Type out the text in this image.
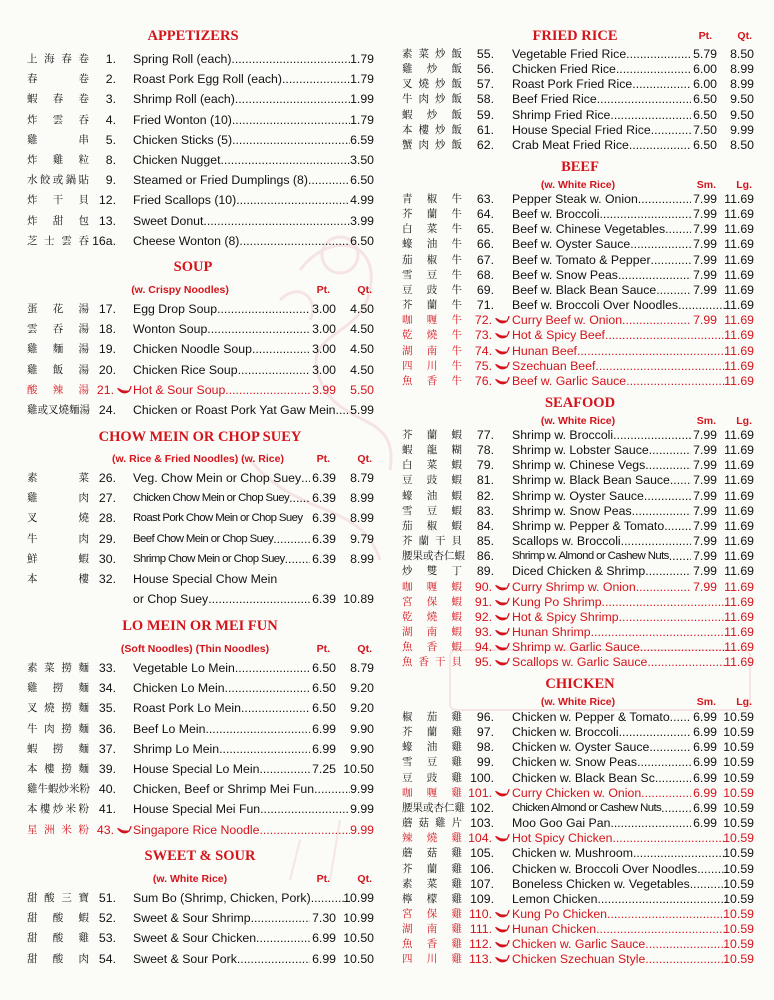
APPETIZERS
上 海 春 卷	1. Spring Roll (each) .....	1.79
春	卷	2. Roast Pork Egg Roll (each) .....	1.79
蝦 春 卷	3. Shrimp Roll (each) .....	1.99
炸 雲 吞	4. Fried Wonton (10) .....	1.79
雞	串	5. Chicken Sticks (5) .....	6.59
炸 雞 粒	8. Chicken Nugget .....	3.50
水 餃 或 鍋 貼	9. Steamed or Fried Dumplings (8) .....	6.50
炸 干 貝 12. Fried Scallops (10) .....	4.99
炸 甜 包 13. Sweet Donut .....	3.99
芝 士 雲 吞 16a. Cheese Wonton (8) .....	6.50
SOUP
(w. Crispy Noodles)	Pt.	Qt.
蛋 花 湯 17. Egg Drop Soup .....	3.00	4.50
雲 吞 湯 18. Wonton Soup .....	3.00	4.50
雞 麵 湯 19. Chicken Noodle Soup .....	3.00	4.50
雞 飯 湯 20. Chicken Rice Soup .....	3.00	4.50
酸 辣 湯 21. Hot & Sour Soup .....	3.99	5.50
雞 或 叉 燒 麵 湯 24. Chicken or Roast Pork Yat Gaw Mein .....	5.99
CHOW MEIN OR CHOP SUEY
(w. Rice & Fried Noodles) (w. Rice)	Pt.	Qt.
素	菜 26. Veg. Chow Mein or Chop Suey ..... 6.39	8.79
雞	肉 27. Chicken Chow Mein or Chop Suey .....	6.39	8.99
叉	燒 28. Roast Pork Chow Mein or Chop Suey 6.39	8.99
牛	肉 29. Beef Chow Mein or Chop Suey .....	6.39	9.79
鮮	蝦 30. Shrimp Chow Mein or Chop Suey .....	6.39	8.99
本	樓 32. House Special Chow Mein
or Chop Suey .....	6.39 10.89
LO MEIN OR MEI FUN
(Soft Noodles) (Thin Noodles)	Pt.	Qt.
素 菜 撈 麵 33. Vegetable Lo Mein .....	6.50	8.79
雞 撈 麵 34. Chicken Lo Mein .....	6.50	9.20
叉 燒 撈 麵 35. Roast Pork Lo Mein .....	6.50	9.20
牛 肉 撈 麵 36. Beef Lo Mein .....	6.99	9.90
蝦 撈 麵 37. Shrimp Lo Mein .....	6.99	9.90
本 樓 撈 麵 39. House Special Lo Mein .....	7.25 10.50
雞 牛 蝦 炒 米 粉 40. Chicken, Beef or Shrimp Mei Fun .....	9.99
本 樓 炒 米 粉 41. House Special Mei Fun .....	9.99
星 洲 米 粉 43. Singapore Rice Noodle .....	9.99
SWEET & SOUR
(w. White Rice)	Pt.	Qt.
甜 酸 三 寶 51. Sum Bo (Shrimp, Chicken, Pork) .....	10.99
甜 酸 蝦 52. Sweet & Sour Shrimp .....	7.30 10.99
甜 酸 雞 53. Sweet & Sour Chicken .....	6.99 10.50
甜 酸 肉 54. Sweet & Sour Pork .....	6.99 10.50
FRIED RICE	Pt.	Qt.
素 菜 炒 飯	55. Vegetable Fried Rice .....	5.79	8.50
雞 炒 飯	56. Chicken Fried Rice .....	6.00	8.99
叉 燒 炒 飯	57. Roast Pork Fried Rice .....	6.00	8.99
牛 肉 炒 飯	58. Beef Fried Rice .....	6.50	9.50
蝦 炒 飯	59. Shrimp Fried Rice .....	6.50	9.50
本 樓 炒 飯	61. House Special Fried Rice .....	7.50	9.99
蟹 肉 炒 飯	62. Crab Meat Fried Rice .....	6.50	8.50
BEEF
(w. White Rice)	Sm.	Lg.
青 椒 牛	63. Pepper Steak w. Onion .....	7.99 11.69
芥 蘭 牛	64. Beef w. Broccoli .....	7.99 11.69
白 菜 牛	65. Beef w. Chinese Vegetables .....	7.99 11.69
蠔 油 牛	66. Beef w. Oyster Sauce .....	7.99 11.69
茄 椒 牛	67. Beef w. Tomato & Pepper .....	7.99 11.69
雪 豆 牛	68. Beef w. Snow Peas .....	7.99 11.69
豆 豉 牛	69. Beef w. Black Bean Sauce .....	7.99 11.69
芥 蘭 牛	71. Beef w. Broccoli Over Noodles .....	11.69
咖 喱 牛	72. Curry Beef w. Onion .....	7.99 11.69
乾 燒 牛	73. Hot & Spicy Beef .....	11.69
湖 南 牛	74. Hunan Beef .....	11.69
四 川 牛	75. Szechuan Beef .....	11.69
魚 香 牛	76. Beef w. Garlic Sauce .....	11.69
SEAFOOD
(w. White Rice)	Sm.	Lg.
芥 蘭 蝦	77. Shrimp w. Broccoli .....	7.99 11.69
蝦 龍 糊	78. Shrimp w. Lobster Sauce .....	7.99 11.69
白 菜 蝦	79. Shrimp w. Chinese Vegs .....	7.99 11.69
豆 豉 蝦	81. Shrimp w. Black Bean Sauce .....	7.99 11.69
蠔 油 蝦	82. Shrimp w. Oyster Sauce .....	7.99 11.69
雪 豆 蝦	83. Shrimp w. Snow Peas .....	7.99 11.69
茄 椒 蝦	84. Shrimp w. Pepper & Tomato .....	7.99 11.69
芥 蘭 干 貝	85. Scallops w. Broccoli .....	7.99 11.69
腰 果 或 杏 仁 蝦 86. Shrimp w. Almond or Cashew Nuts .....	7.99 11.69
炒 雙 丁	89. Diced Chicken & Shrimp .....	7.99 11.69
咖 喱 蝦	90. Curry Shrimp w. Onion .....	7.99 11.69
宮 保 蝦	91. Kung Po Shrimp .....	11.69
乾 燒 蝦	92. Hot & Spicy Shrimp .....	11.69
湖 南 蝦	93. Hunan Shrimp .....	11.69
魚 香 蝦	94. Shrimp w. Garlic Sauce .....	11.69
魚 香 干 貝	95. Scallops w. Garlic Sauce .....	11.69
CHICKEN
(w. White Rice)	Sm.	Lg.
椒 茄 雞	96. Chicken w. Pepper & Tomato .....	6.99 10.59
芥 蘭 雞	97. Chicken w. Broccoli .....	6.99 10.59
蠔 油 雞	98. Chicken w. Oyster Sauce .....	6.99 10.59
雪 豆 雞	99. Chicken w. Snow Peas .....	6.99 10.59
豆 豉 雞 100. Chicken w. Black Bean Sc. .....	6.99 10.59
咖 喱 雞 101. Curry Chicken w. Onion .....	6.99 10.59
腰 果 或 杏 仁 雞 102. Chicken Almond or Cashew Nuts .....	6.99 10.59
蘑 菇 雞 片 103. Moo Goo Gai Pan .....	6.99 10.59
辣 燒 雞 104. Hot Spicy Chicken .....	10.59
蘑 菇 雞 105. Chicken w. Mushroom .....	10.59
芥 蘭 雞 106. Chicken w. Broccoli Over Noodles .....	10.59
素 菜 雞 107. Boneless Chicken w. Vegetables .....	10.59
檸 檬 雞 109. Lemon Chicken .....	10.59
宮 保 雞 110. Kung Po Chicken .....	10.59
湖 南 雞 111. Hunan Chicken .....	10.59
魚 香 雞 112. Chicken w. Garlic Sauce .....	10.59
四 川 雞 113. Chicken Szechuan Style .....	10.59
